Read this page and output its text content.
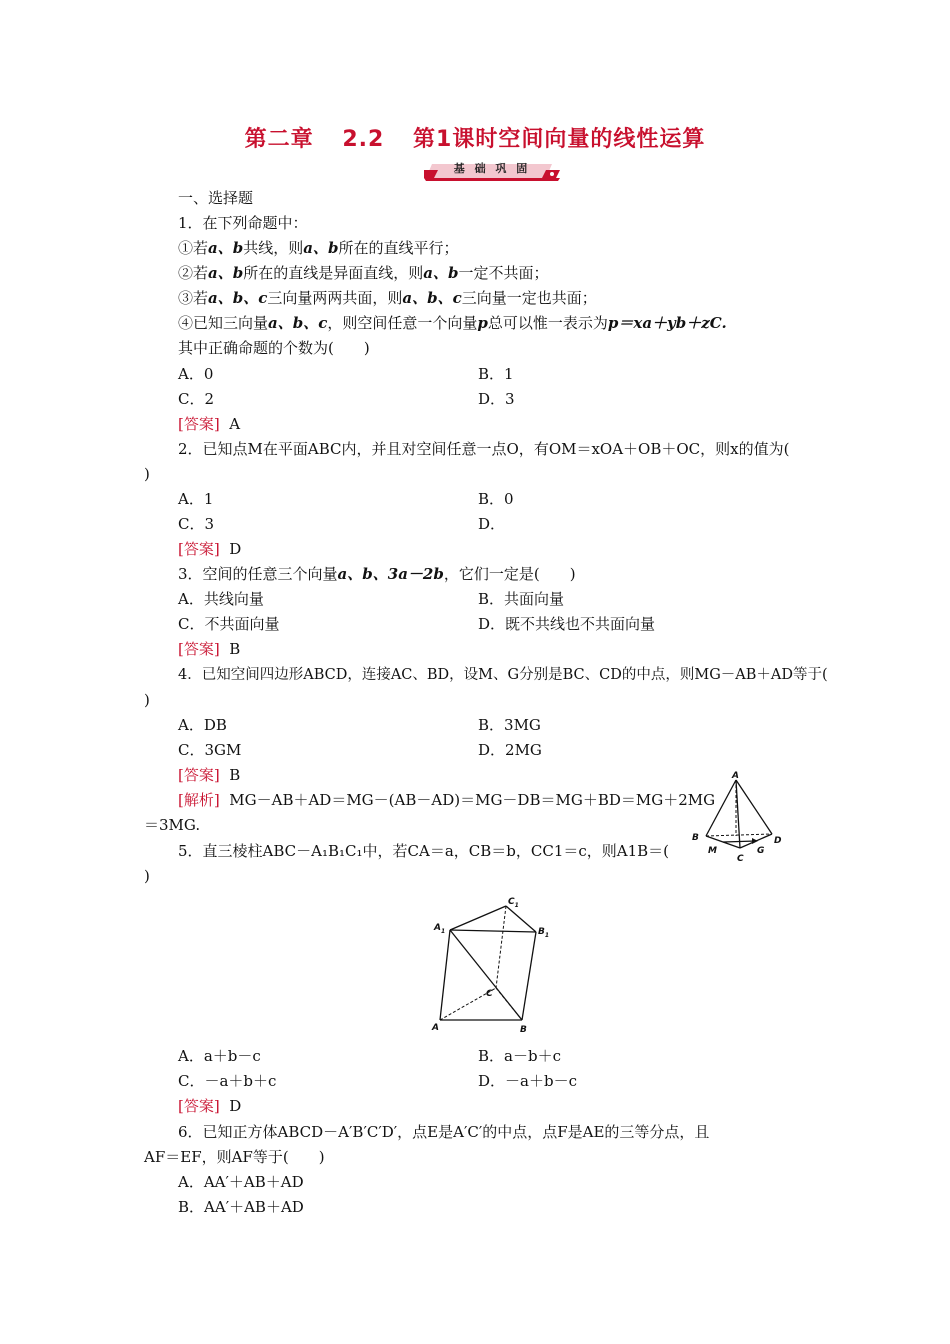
第二章 2.2 第1课时空间向量的线性运算
基 础 巩 固
一、选择题
1．在下列命题中：
①若a、b共线，则a、b所在的直线平行；
②若a、b所在的直线是异面直线，则a、b一定不共面；
③若a、b、c三向量两两共面，则a、b、c三向量一定也共面；
④已知三向量a、b、c，则空间任意一个向量p总可以惟一表示为p＝xa＋yb＋zC.
其中正确命题的个数为(　　)
A．0	B．1
C．2	D．3
[答案] A
2．已知点M在平面ABC内，并且对空间任意一点O，有OM＝xOA＋OB＋OC，则x的值为(
)
A．1	B．0
C．3	D．
[答案] D
3．空间的任意三个向量a、b、3a－2b，它们一定是(　　)
A．共线向量	B．共面向量
C．不共面向量	D．既不共线也不共面向量
[答案] B
4．已知空间四边形ABCD，连接AC、BD，设M、G分别是BC、CD的中点，则MG－AB＋AD等于(
)
A．DB	B．3MG
C．3GM	D．2MG
[答案] B
[解析] MG－AB＋AD＝MG－(AB－AD)＝MG－DB＝MG＋BD＝MG＋2MG
＝3MG.
A
B	D
C
M	G
5．直三棱柱ABC－A₁B₁C₁中，若CA＝a，CB＝b，CC1＝c，则A1B＝(
)
A	B
C
$A_1$	$B_1$
$C_1$
A．a＋b－c	B．a－b＋c
C．－a＋b＋c	D．－a＋b－c
[答案] D
6．已知正方体ABCD－A′B′C′D′，点E是A′C′的中点，点F是AE的三等分点，且
AF＝EF，则AF等于(　　)
A．AA′＋AB＋AD
B．AA′＋AB＋AD
